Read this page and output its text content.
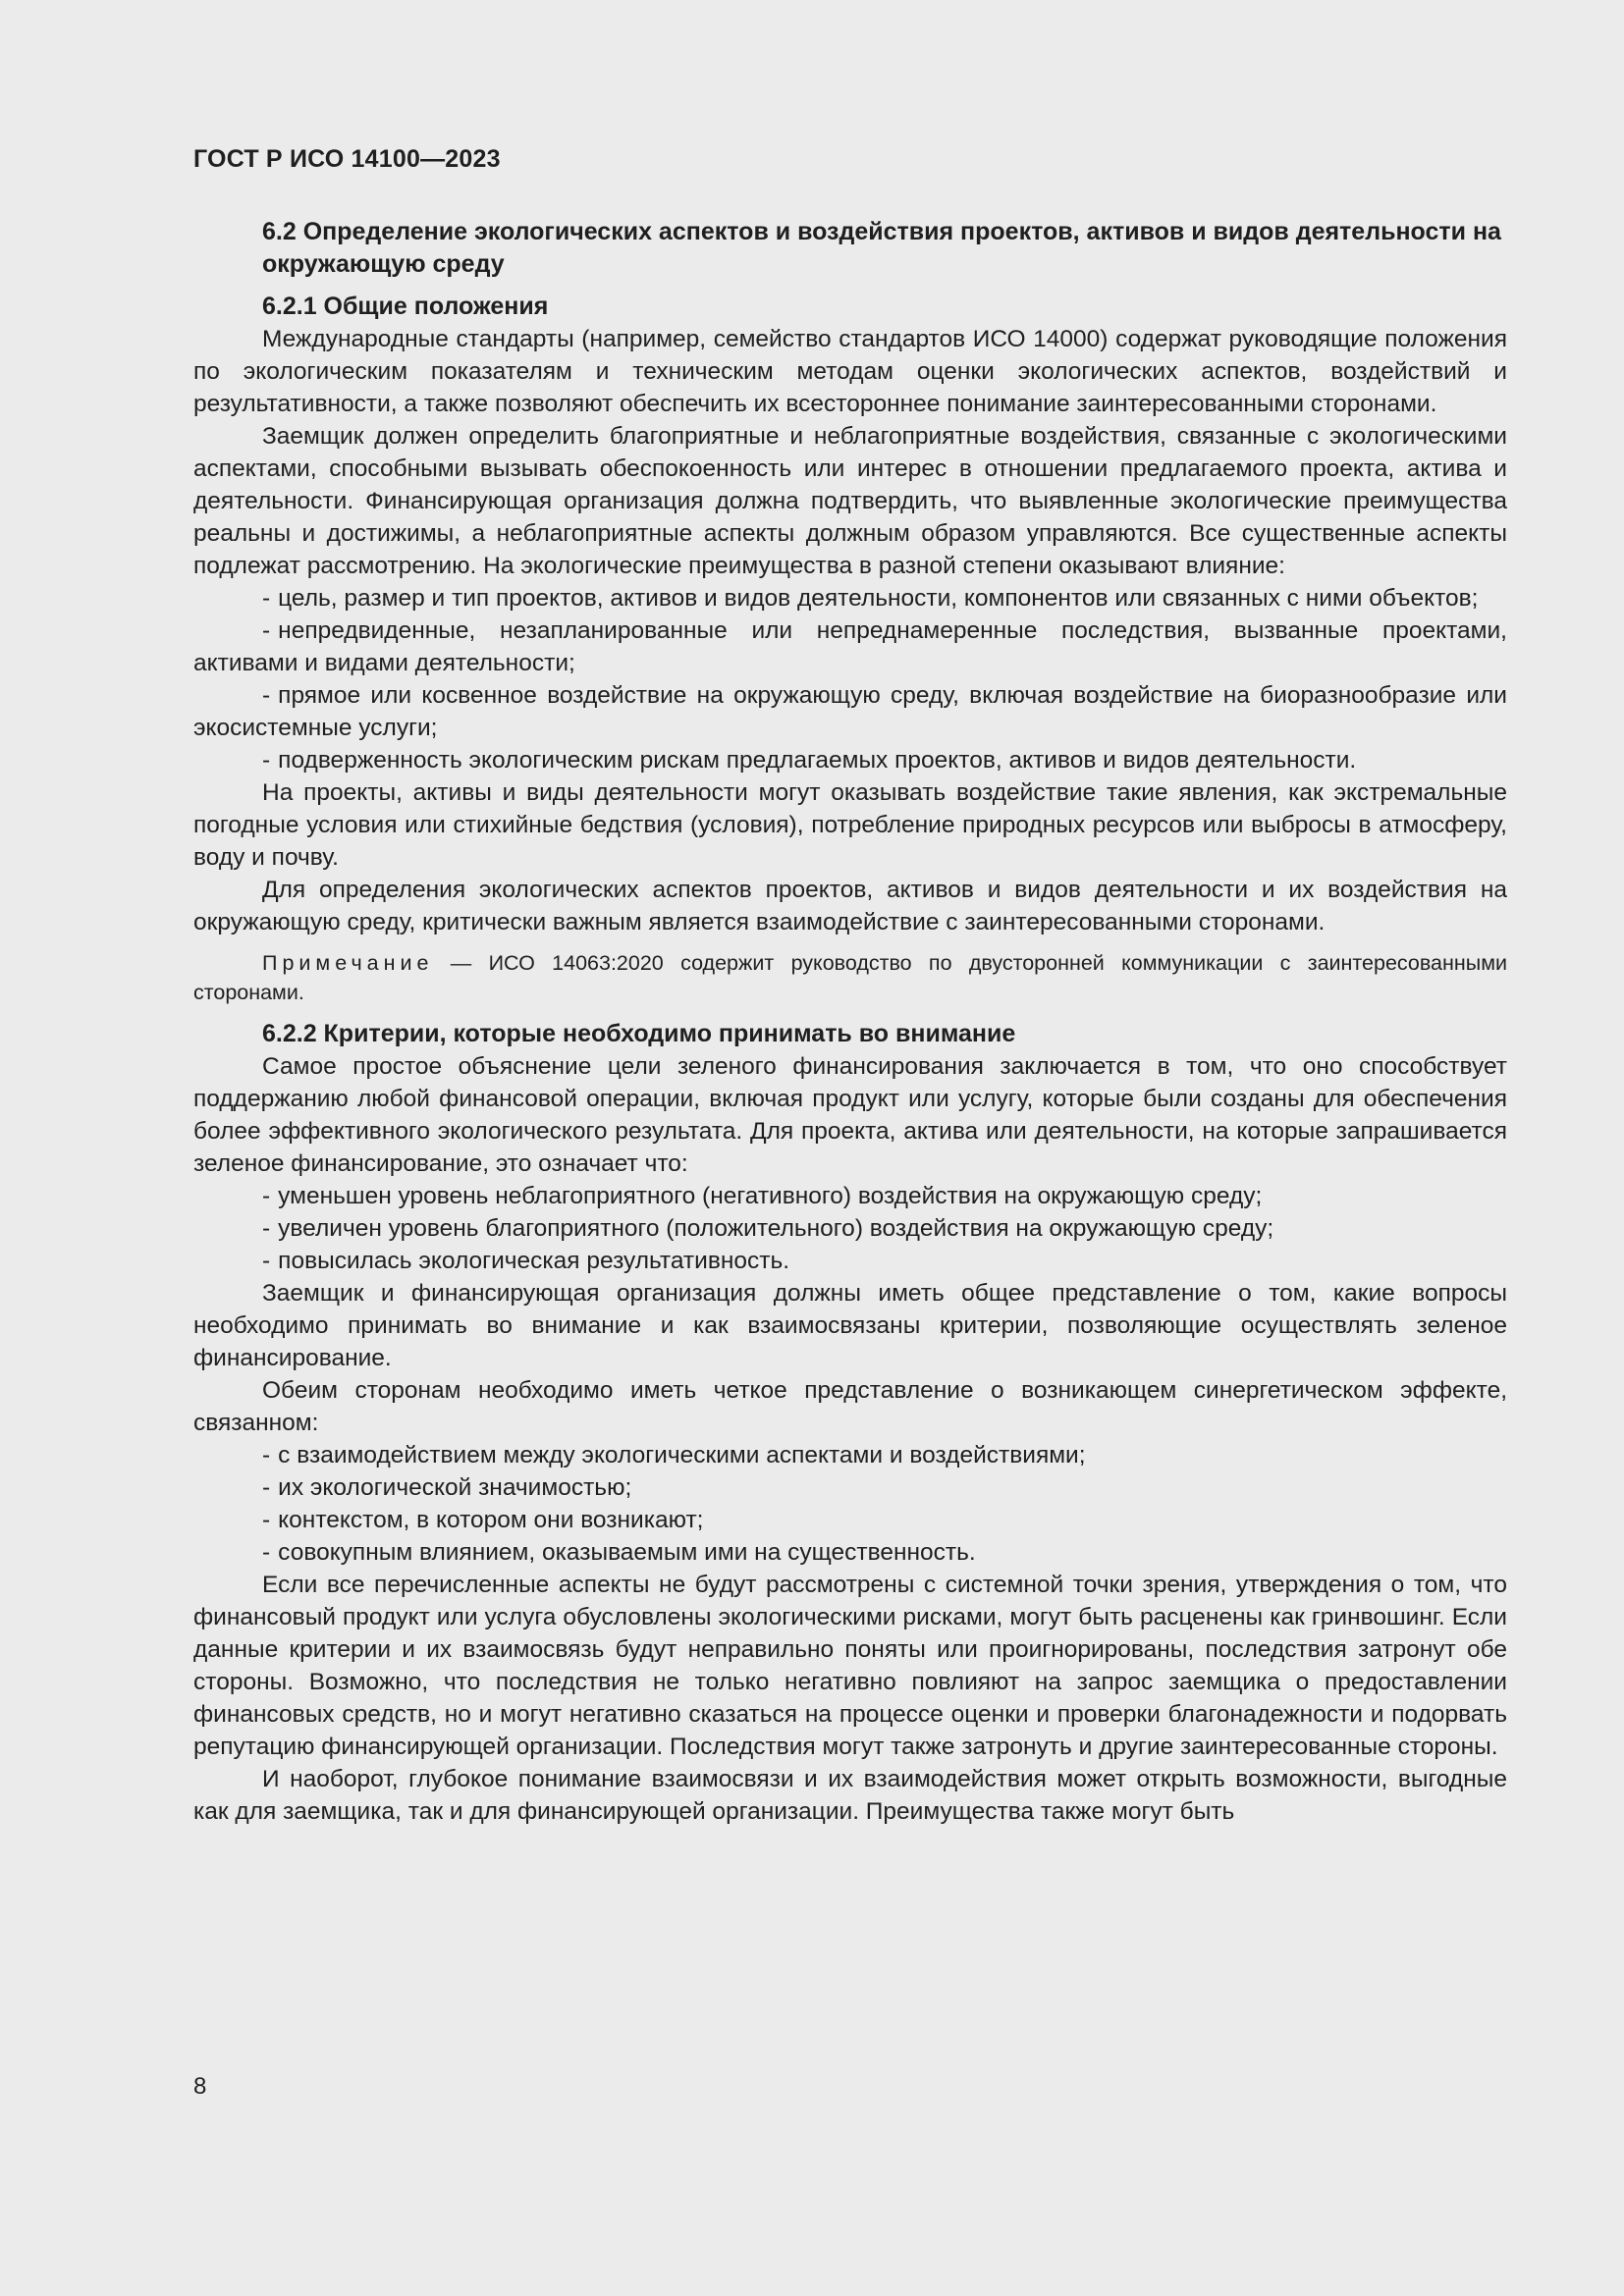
ГОСТ Р ИСО 14100—2023
6.2 Определение экологических аспектов и воздействия проектов, активов и видов деятельности на окружающую среду
6.2.1 Общие положения

Международные стандарты (например, семейство стандартов ИСО 14000) содержат руководящие положения по экологическим показателям и техническим методам оценки экологических аспектов, воздействий и результативности, а также позволяют обеспечить их всестороннее понимание заинтересованными сторонами.

Заемщик должен определить благоприятные и неблагоприятные воздействия, связанные с экологическими аспектами, способными вызывать обеспокоенность или интерес в отношении предлагаемого проекта, актива и деятельности. Финансирующая организация должна подтвердить, что выявленные экологические преимущества реальны и достижимы, а неблагоприятные аспекты должным образом управляются. Все существенные аспекты подлежат рассмотрению. На экологические преимущества в разной степени оказывают влияние:

- цель, размер и тип проектов, активов и видов деятельности, компонентов или связанных с ними объектов;
- непредвиденные, незапланированные или непреднамеренные последствия, вызванные проектами, активами и видами деятельности;
- прямое или косвенное воздействие на окружающую среду, включая воздействие на биоразнообразие или экосистемные услуги;
- подверженность экологическим рискам предлагаемых проектов, активов и видов деятельности.

На проекты, активы и виды деятельности могут оказывать воздействие такие явления, как экстремальные погодные условия или стихийные бедствия (условия), потребление природных ресурсов или выбросы в атмосферу, воду и почву.

Для определения экологических аспектов проектов, активов и видов деятельности и их воздействия на окружающую среду, критически важным является взаимодействие с заинтересованными сторонами.

Примечание — ИСО 14063:2020 содержит руководство по двусторонней коммуникации с заинтересованными сторонами.

6.2.2 Критерии, которые необходимо принимать во внимание

Самое простое объяснение цели зеленого финансирования заключается в том, что оно способствует поддержанию любой финансовой операции, включая продукт или услугу, которые были созданы для обеспечения более эффективного экологического результата. Для проекта, актива или деятельности, на которые запрашивается зеленое финансирование, это означает что:

- уменьшен уровень неблагоприятного (негативного) воздействия на окружающую среду;
- увеличен уровень благоприятного (положительного) воздействия на окружающую среду;
- повысилась экологическая результативность.

Заемщик и финансирующая организация должны иметь общее представление о том, какие вопросы необходимо принимать во внимание и как взаимосвязаны критерии, позволяющие осуществлять зеленое финансирование.

Обеим сторонам необходимо иметь четкое представление о возникающем синергетическом эффекте, связанном:

- с взаимодействием между экологическими аспектами и воздействиями;
- их экологической значимостью;
- контекстом, в котором они возникают;
- совокупным влиянием, оказываемым ими на существенность.

Если все перечисленные аспекты не будут рассмотрены с системной точки зрения, утверждения о том, что финансовый продукт или услуга обусловлены экологическими рисками, могут быть расценены как гринвошинг. Если данные критерии и их взаимосвязь будут неправильно поняты или проигнорированы, последствия затронут обе стороны. Возможно, что последствия не только негативно повлияют на запрос заемщика о предоставлении финансовых средств, но и могут негативно сказаться на процессе оценки и проверки благонадежности и подорвать репутацию финансирующей организации. Последствия могут также затронуть и другие заинтересованные стороны.

И наоборот, глубокое понимание взаимосвязи и их взаимодействия может открыть возможности, выгодные как для заемщика, так и для финансирующей организации. Преимущества также могут быть

8
